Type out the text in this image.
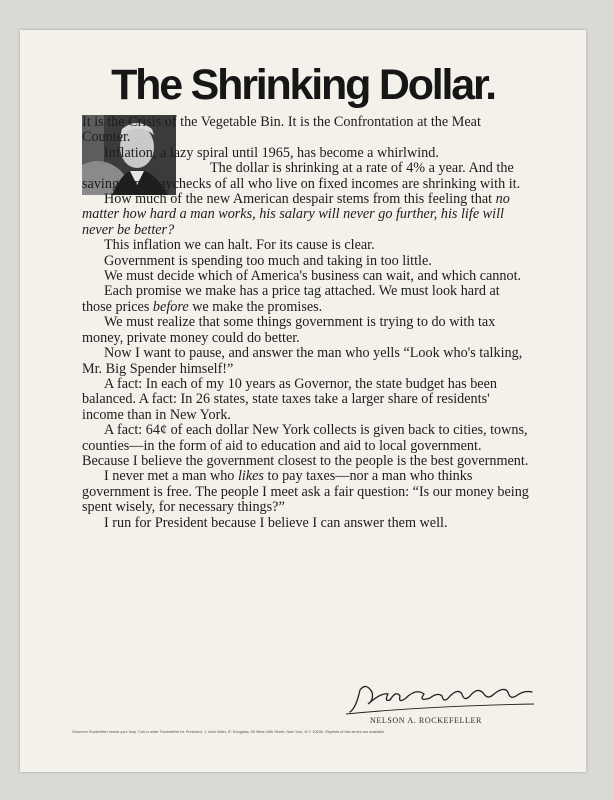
The Shrinking Dollar.

It is the Crisis of the Vegetable Bin. It is the Confrontation at the Meat Counter.

Inflation, a lazy spiral until 1965, has become a whirlwind.

The dollar is shrinking at a rate of 4% a year. And the savings and paychecks of all who live on fixed incomes are shrinking with it.

How much of the new American despair stems from this feeling that no matter how hard a man works, his salary will never go further, his life will never be better?

This inflation we can halt. For its cause is clear.

Government is spending too much and taking in too little.

We must decide which of America's business can wait, and which cannot.

Each promise we make has a price tag attached. We must look hard at those prices before we make the promises.

We must realize that some things government is trying to do with tax money, private money could do better.

Now I want to pause, and answer the man who yells “Look who's talking, Mr. Big Spender himself!”

A fact: In each of my 10 years as Governor, the state budget has been balanced. A fact: In 26 states, state taxes take a larger share of residents' income than in New York.

A fact: 64¢ of each dollar New York collects is given back to cities, towns, counties—in the form of aid to education and aid to local government. Because I believe the government closest to the people is the best government.

I never met a man who likes to pay taxes—nor a man who thinks government is free. The people I meet ask a fair question: “Is our money being spent wisely, for necessary things?”

I run for President because I believe I can answer them well.

NELSON A. ROCKEFELLER
Governor Rockefeller needs your help. Call or write: Rockefeller for President, J. Irwin Miller, R. Douglass, 50 West 44th Street, New York, N.Y. 10036. Reprints of this series are available.
